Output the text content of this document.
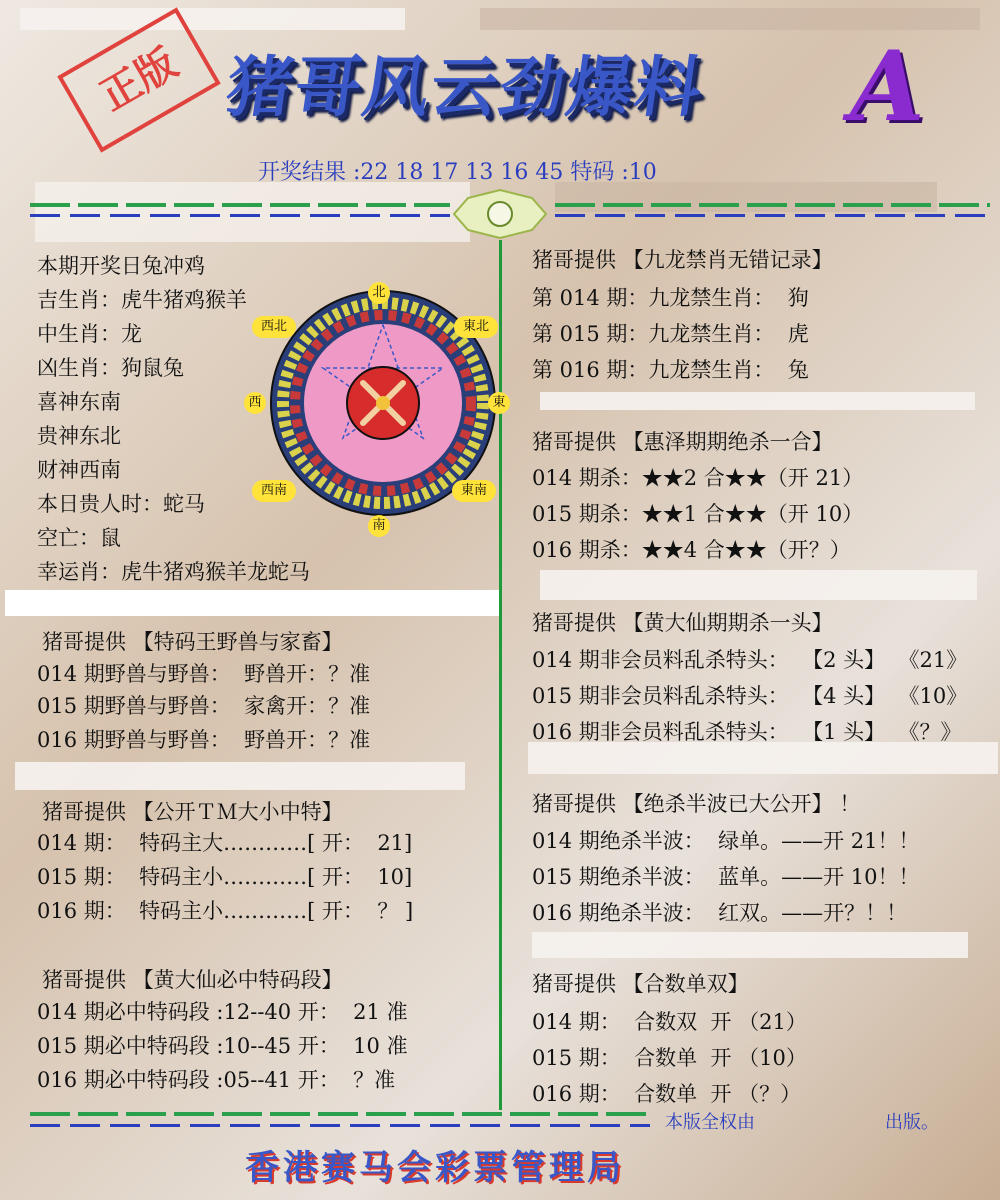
正版 猪哥风云劲爆料 A
开奖结果 :22 18 17 13 16 45 特码 :10
本期开奖日兔冲鸡
吉生肖：虎牛猪鸡猴羊
中生肖：龙
凶生肖：狗鼠兔
喜神东南
贵神东北
财神西南
本日贵人时：蛇马
空亡：鼠
幸运肖：虎牛猪鸡猴羊龙蛇马
北
東北
東
東南
南
西南
西
西北
猪哥提供 【特码王野兽与家畜】
014 期野兽与野兽：  野兽开：？准
015 期野兽与野兽：  家禽开：？准
016 期野兽与野兽：  野兽开：？准
猪哥提供 【公开ＴＭ大小中特】
014 期：  特码主大…………[ 开：  21]
015 期：  特码主小…………[ 开：  10]
016 期：  特码主小…………[ 开：  ？ ]
猪哥提供 【黄大仙必中特码段】
014 期必中特码段 :12--40 开：  21 准
015 期必中特码段 :10--45 开：  10 准
016 期必中特码段 :05--41 开：  ？准
猪哥提供 【九龙禁肖无错记录】
第 014 期：九龙禁生肖：  狗
第 015 期：九龙禁生肖：  虎
第 016 期：九龙禁生肖：  兔
猪哥提供 【惠泽期期绝杀一合】
014 期杀：★★2 合★★（开 21）
015 期杀：★★1 合★★（开 10）
016 期杀：★★4 合★★（开？）
猪哥提供 【黄大仙期期杀一头】
014 期非会员料乱杀特头：  【2 头】  《21》
015 期非会员料乱杀特头：  【4 头】  《10》
016 期非会员料乱杀特头：  【1 头】  《？》
猪哥提供 【绝杀半波已大公开】 ！
014 期绝杀半波：  绿单。——开 21！！
015 期绝杀半波：  蓝单。——开 10！！
016 期绝杀半波：  红双。——开？！！
猪哥提供 【合数单双】
014 期：  合数双  开 （21）
015 期：  合数单  开 （10）
016 期：  合数单  开 （？）
本版全权由	出版。
香港赛马会彩票管理局
